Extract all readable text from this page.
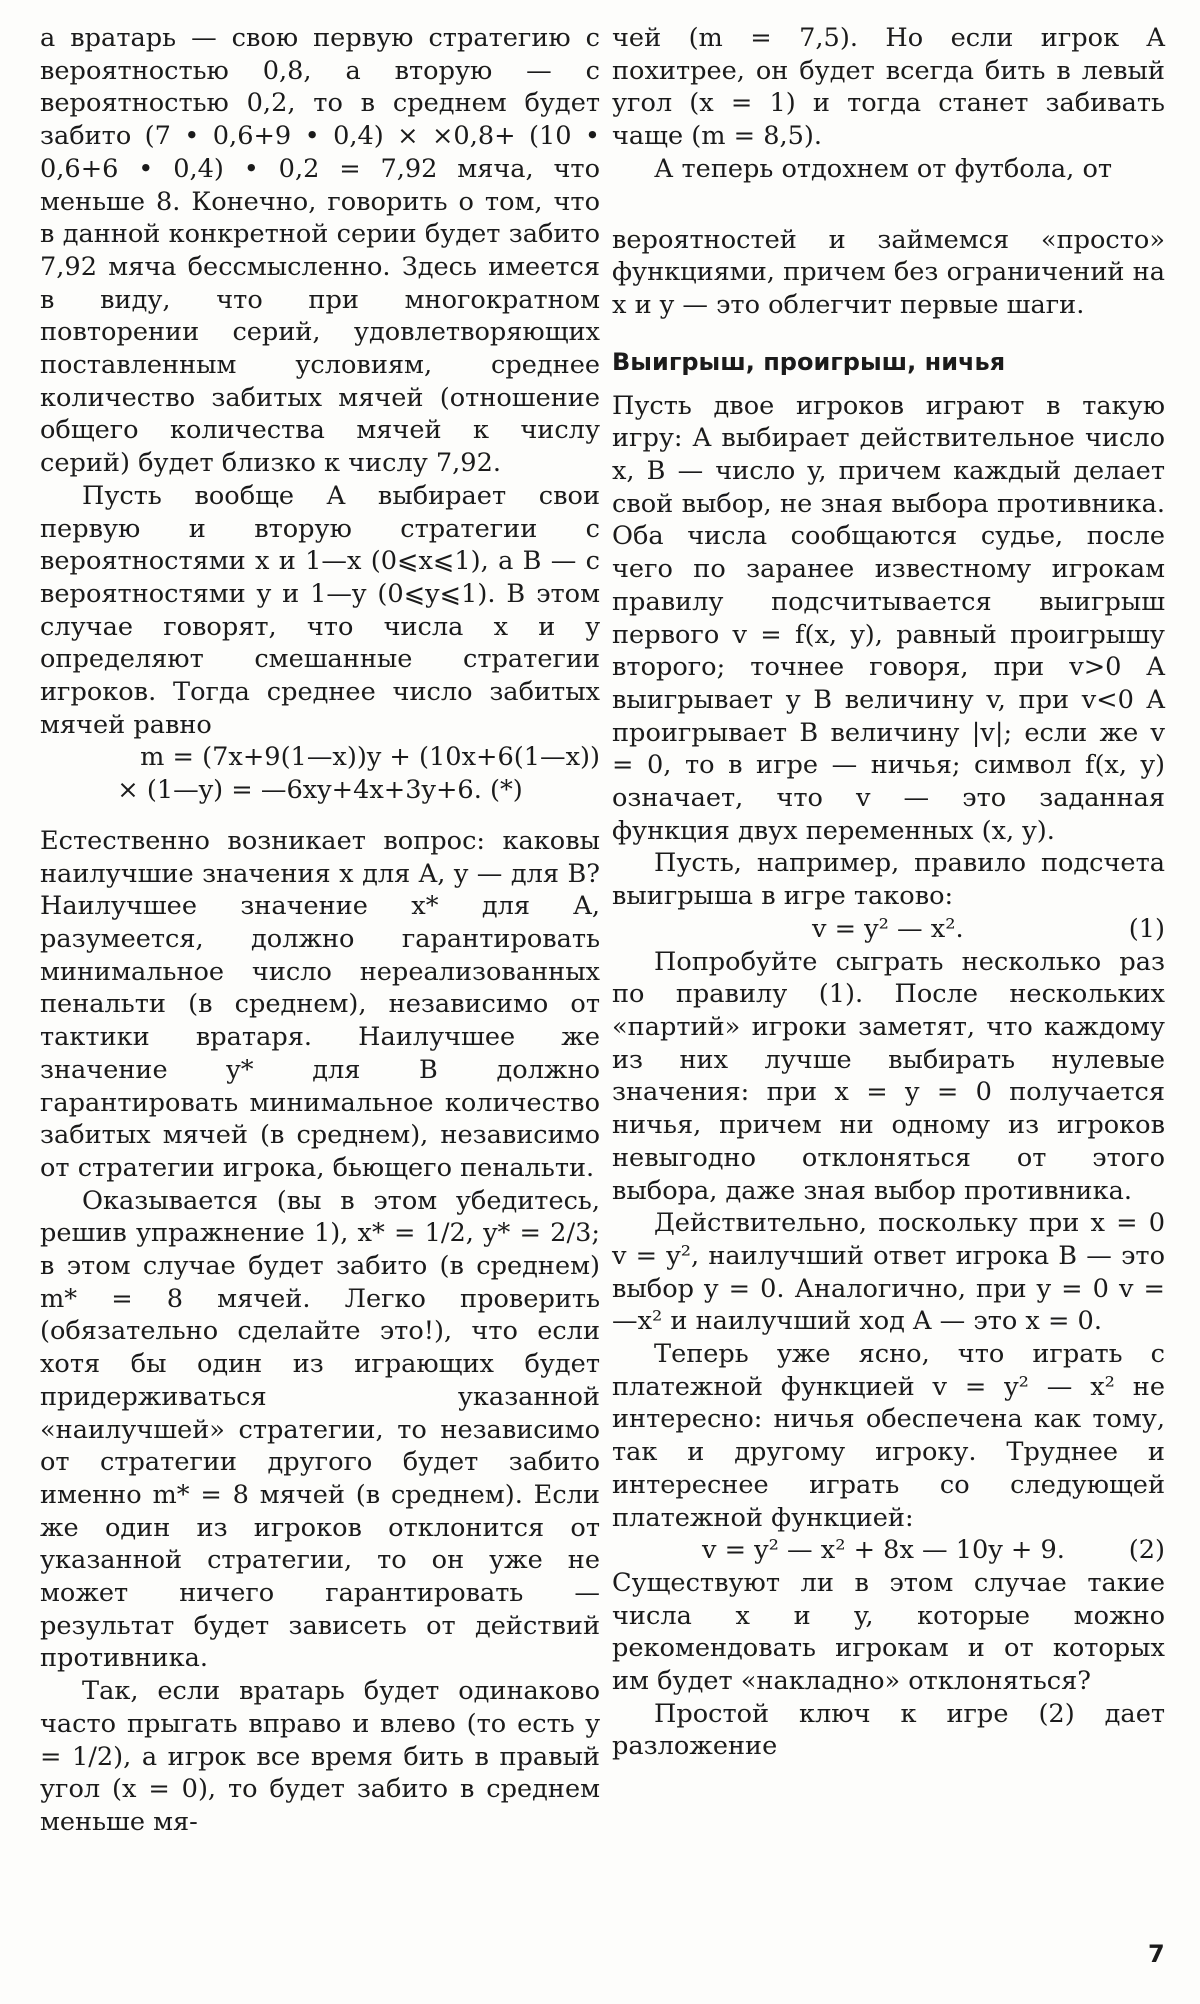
а вратарь — свою первую стратегию с вероятностью 0,8, а вторую — с вероятностью 0,2, то в среднем будет забито (7 • 0,6+9 • 0,4) × ×0,8+ (10 • 0,6+6 • 0,4) • 0,2 = 7,92 мяча, что меньше 8. Конечно, говорить о том, что в данной конкретной серии будет забито 7,92 мяча бессмысленно. Здесь имеется в виду, что при многократном повторении серий, удовлетворяющих поставленным условиям, среднее количество забитых мячей (отношение общего количества мячей к числу серий) будет близко к числу 7,92.

Пусть вообще A выбирает свои первую и вторую стратегии с вероятностями x и 1—x (0⩽x⩽1), а B — с вероятностями y и 1—y (0⩽y⩽1). В этом случае говорят, что числа x и y определяют смешанные стратегии игроков. Тогда среднее число забитых мячей равно

m = (7x+9(1—x))y + (10x+6(1—x))

× (1—y) = —6xy+4x+3y+6. (*)

Естественно возникает вопрос: каковы наилучшие значения x для A, y — для B? Наилучшее значение x* для A, разумеется, должно гарантировать минимальное число нереализованных пенальти (в среднем), независимо от тактики вратаря. Наилучшее же значение y* для B должно гарантировать минимальное количество забитых мячей (в среднем), независимо от стратегии игрока, бьющего пенальти.

Оказывается (вы в этом убедитесь, решив упражнение 1), x* = 1/2, y* = 2/3; в этом случае будет забито (в среднем) m* = 8 мячей. Легко проверить (обязательно сделайте это!), что если хотя бы один из играющих будет придерживаться указанной «наилучшей» стратегии, то независимо от стратегии другого будет забито именно m* = 8 мячей (в среднем). Если же один из игроков отклонится от указанной стратегии, то он уже не может ничего гарантировать — результат будет зависеть от действий противника.

Так, если вратарь будет одинаково часто прыгать вправо и влево (то есть y = 1/2), а игрок все время бить в правый угол (x = 0), то будет забито в среднем меньше мя-

чей (m = 7,5). Но если игрок A похитрее, он будет всегда бить в левый угол (x = 1) и тогда станет забивать чаще (m = 8,5).

А теперь отдохнем от футбола, от

вероятностей и займемся «просто» функциями, причем без ограничений на x и y — это облегчит первые шаги.

Выигрыш, проигрыш, ничья

Пусть двое игроков играют в такую игру: A выбирает действительное число x, B — число y, причем каждый делает свой выбор, не зная выбора противника. Оба числа сообщаются судье, после чего по заранее известному игрокам правилу подсчитывается выигрыш первого v = f(x, y), равный проигрышу второго; точнее говоря, при v>0 A выигрывает у B величину v, при v<0 A проигрывает B величину |v|; если же v = 0, то в игре — ничья; символ f(x, y) означает, что v — это заданная функция двух переменных (x, y).

Пусть, например, правило подсчета выигрыша в игре таково:

v = y² — x².	(1)

Попробуйте сыграть несколько раз по правилу (1). После нескольких «партий» игроки заметят, что каждому из них лучше выбирать нулевые значения: при x = y = 0 получается ничья, причем ни одному из игроков невыгодно отклоняться от этого выбора, даже зная выбор противника.

Действительно, поскольку при x = 0 v = y², наилучший ответ игрока B — это выбор y = 0. Аналогично, при y = 0 v = —x² и наилучший ход A — это x = 0.

Теперь уже ясно, что играть с платежной функцией v = y² — x² не интересно: ничья обеспечена как тому, так и другому игроку. Труднее и интереснее играть со следующей платежной функцией:

v = y² — x² + 8x — 10y + 9. (2)

Существуют ли в этом случае такие числа x и y, которые можно рекомендовать игрокам и от которых им будет «накладно» отклоняться?

Простой ключ к игре (2) дает разложение

7
